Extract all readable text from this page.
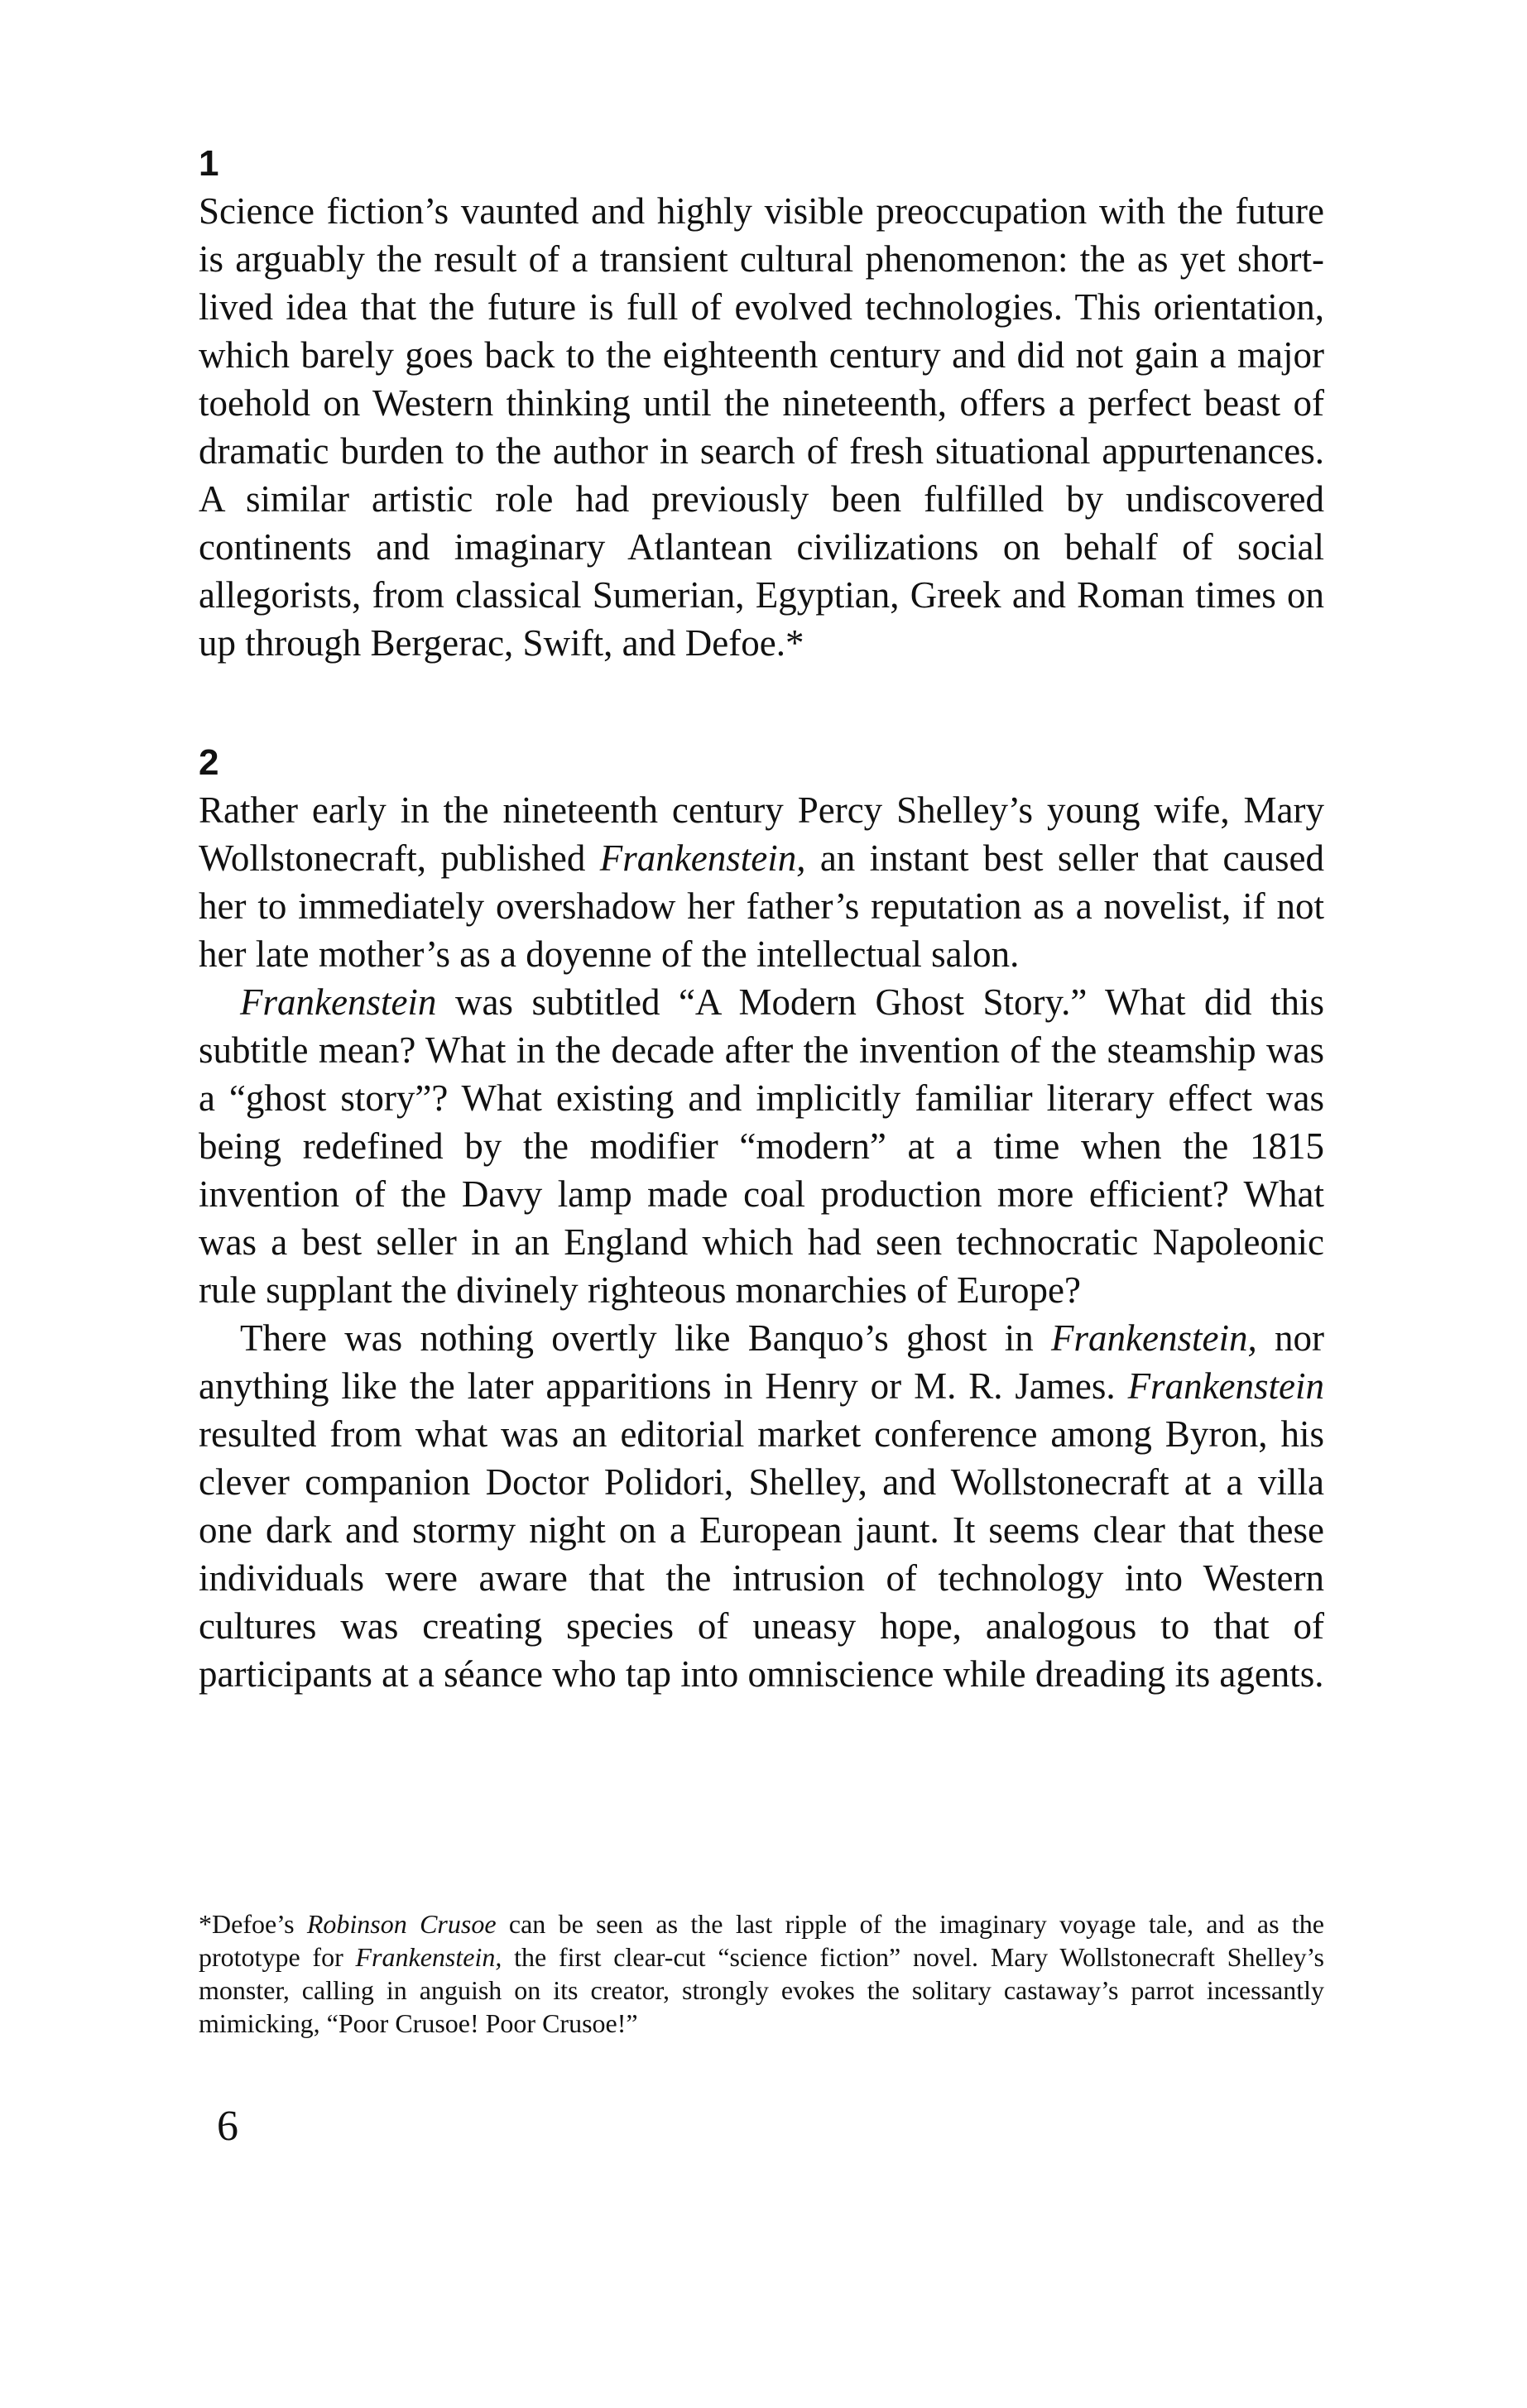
1

Science fiction’s vaunted and highly visible preoccupation with the future is arguably the result of a transient cultural phenomenon: the as yet short-lived idea that the future is full of evolved technologies. This orientation, which barely goes back to the eighteenth century and did not gain a major toehold on Western thinking until the nineteenth, offers a perfect beast of dramatic burden to the author in search of fresh situational appurtenances. A similar artistic role had previously been fulfilled by undiscovered continents and imaginary Atlantean civilizations on behalf of social allegorists, from classical Sumerian, Egyptian, Greek and Roman times on up through Bergerac, Swift, and Defoe.*

2

Rather early in the nineteenth century Percy Shelley’s young wife, Mary Wollstonecraft, published Frankenstein, an instant best seller that caused her to immediately overshadow her father’s reputation as a novelist, if not her late mother’s as a doyenne of the intellectual salon.

Frankenstein was subtitled “A Modern Ghost Story.” What did this subtitle mean? What in the decade after the invention of the steamship was a “ghost story”? What existing and implicitly familiar literary effect was being redefined by the modifier “modern” at a time when the 1815 invention of the Davy lamp made coal production more efficient? What was a best seller in an England which had seen technocratic Napoleonic rule supplant the divinely righteous monarchies of Europe?

There was nothing overtly like Banquo’s ghost in Frankenstein, nor anything like the later apparitions in Henry or M. R. James. Frankenstein resulted from what was an editorial market conference among Byron, his clever companion Doctor Polidori, Shelley, and Wollstonecraft at a villa one dark and stormy night on a European jaunt. It seems clear that these individuals were aware that the intrusion of technology into Western cultures was creating species of uneasy hope, analogous to that of participants at a séance who tap into omniscience while dreading its agents.

*Defoe’s Robinson Crusoe can be seen as the last ripple of the imaginary voyage tale, and as the prototype for Frankenstein, the first clear-cut “science fiction” novel. Mary Wollstonecraft Shelley’s monster, calling in anguish on its creator, strongly evokes the solitary castaway’s parrot incessantly mimicking, “Poor Crusoe! Poor Crusoe!”

6
